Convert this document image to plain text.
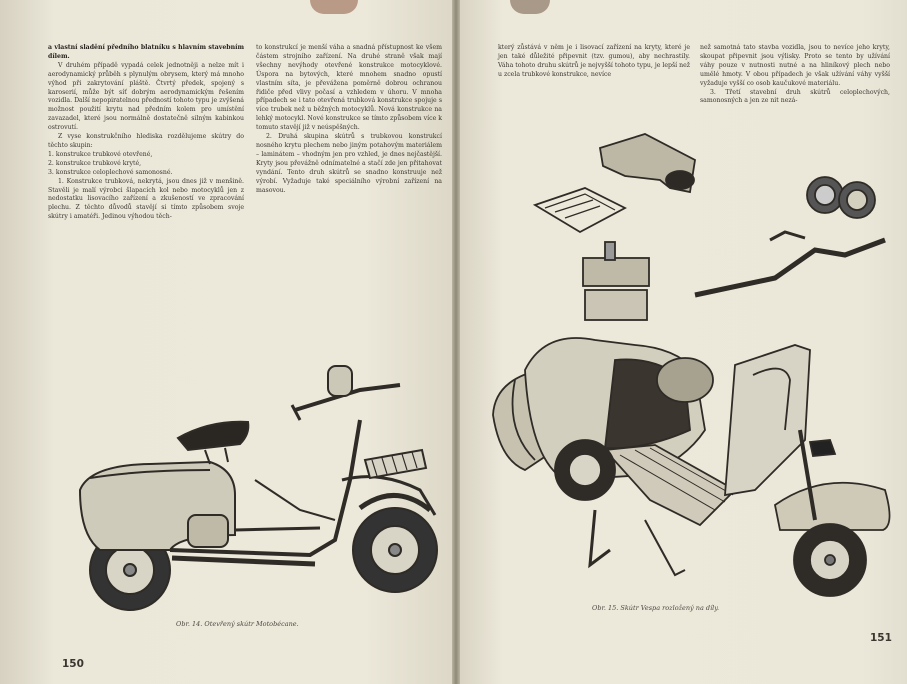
a vlastní sladění předního blatníku s hlavním stavebním dílem.

V druhém případě vypadá celek jednotněji a nelze mít i aerodynamický průběh s plynulým obrysem, který má mnoho výhod při zakrytování pláště. Čtvrtý předek, spojený s karoserií, může být síť dobrým aerodynamickým řešením vozidla. Další nepopiratelnou předností tohoto typu je zvýšená možnost použití krytu nad předním kolem pro umístění zavazadel, které jsou normálně dostatečně silným kabinkou ostrovutí.

Z vyse konstrukčního hlediska rozdělujeme skútry do těchto skupin:

1. konstrukce trubkové otevřené,
2. konstrukce trubkové kryté,
3. konstrukce celoplechové samonosné.

1. Konstrukce trubková, nekrytá, jsou dnes již v menšině. Stavěli je malí výrobci šlapacích kol nebo motocyklů jen z nedostatku lisovacího zařízení a zkušeností ve zpracování plechu. Z těchto důvodů stavějí si tímto způsobem svoje skútry i amatéři. Jedinou výhodou těch-

to konstrukcí je menší váha a snadná přístupnost ke všem částem strojního zařízení. Na druhé straně však mají všechny nevýhody otevřené konstrukce motocyklové. Úspora na bytových, které mnohem snadno opustí vlastním síta, je převážena poměrně dobrou ochranou řidiče před vlivy počasí a vzhledem v úhoru. V mnoha případech se i tato otevřená trubková konstrukce spojuje s více trubek než u běžných motocyklů. Nová konstrukce na lehký motocykl. Nové konstrukce se tímto způsobem více k tomuto stavějí již v neúspěšných.

2. Druhá skupina skútrů s trubkovou konstrukcí nosného krytu plechem nebo jiným potahovým materiálem – laminátem – vhodným jen pro vzhled, je dnes nejčastější. Kryty jsou převážně odnímatelné a stačí zde jen přitahovat vyndání. Tento druh skútrů se snadno konstruuje než výrobí. Vyžaduje také speciálního výrobní zařízení na masovou.

Obr. 14. Otevřený skútr Motobécane.
150

který zůstává v něm je i lisovací zařízení na kryty, které je jen také důležité připevnit (tzv. gumou), aby nechrastily. Váha tohoto druhu skútrů je nejvyšší tohoto typu, je lepší než u zcela trubkové konstrukce, nevíce

než samotná tato stavba vozidla, jsou to nevíce jeho kryty, skoupat připevnit jsou výlisky. Proto se tento by užívání váhy pouze v nutnosti nutné a na hliníkový plech nebo umělé hmoty. V obou případech je však užívání váhy vyšší vyžaduje vyšší co osob kaučukové materiálu.

3. Třetí stavební druh skútrů celoplechových, samonosných a jen ze nit nezá-

Obr. 15. Skútr Vespa rozložený na díly.
151
